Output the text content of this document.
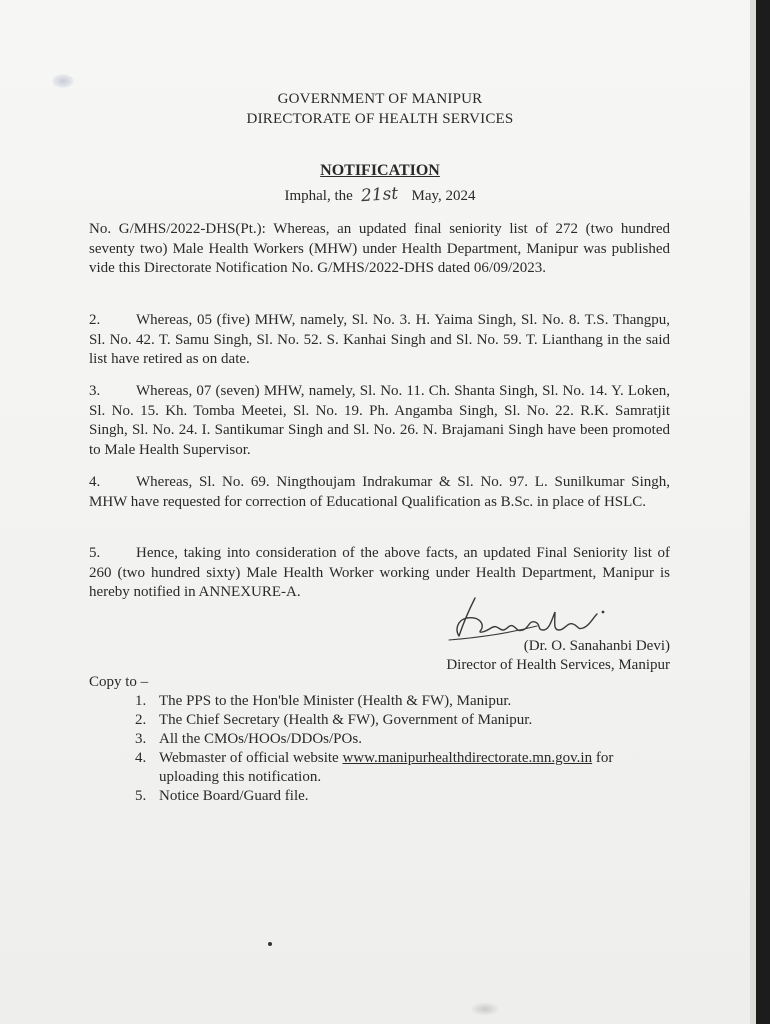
GOVERNMENT OF MANIPUR
DIRECTORATE OF HEALTH SERVICES
NOTIFICATION
Imphal, the 21st May, 2024

No. G/MHS/2022-DHS(Pt.): Whereas, an updated final seniority list of 272 (two hundred seventy two) Male Health Workers (MHW) under Health Department, Manipur was published vide this Directorate Notification No. G/MHS/2022-DHS dated 06/09/2023.

2. Whereas, 05 (five) MHW, namely, Sl. No. 3. H. Yaima Singh, Sl. No. 8. T.S. Thangpu, Sl. No. 42. T. Samu Singh, Sl. No. 52. S. Kanhai Singh and Sl. No. 59. T. Lianthang in the said list have retired as on date.

3. Whereas, 07 (seven) MHW, namely, Sl. No. 11. Ch. Shanta Singh, Sl. No. 14. Y. Loken, Sl. No. 15. Kh. Tomba Meetei, Sl. No. 19. Ph. Angamba Singh, Sl. No. 22. R.K. Samratjit Singh, Sl. No. 24. I. Santikumar Singh and Sl. No. 26. N. Brajamani Singh have been promoted to Male Health Supervisor.

4. Whereas, Sl. No. 69. Ningthoujam Indrakumar & Sl. No. 97. L. Sunilkumar Singh, MHW have requested for correction of Educational Qualification as B.Sc. in place of HSLC.

5. Hence, taking into consideration of the above facts, an updated Final Seniority list of 260 (two hundred sixty) Male Health Worker working under Health Department, Manipur is hereby notified in ANNEXURE-A.

(Dr. O. Sanahanbi Devi)
Director of Health Services, Manipur
Copy to –
1. The PPS to the Hon'ble Minister (Health & FW), Manipur.
2. The Chief Secretary (Health & FW), Government of Manipur.
3. All the CMOs/HOOs/DDOs/POs.
4. Webmaster of official website www.manipurhealthdirectorate.mn.gov.in for uploading this notification.
5. Notice Board/Guard file.
